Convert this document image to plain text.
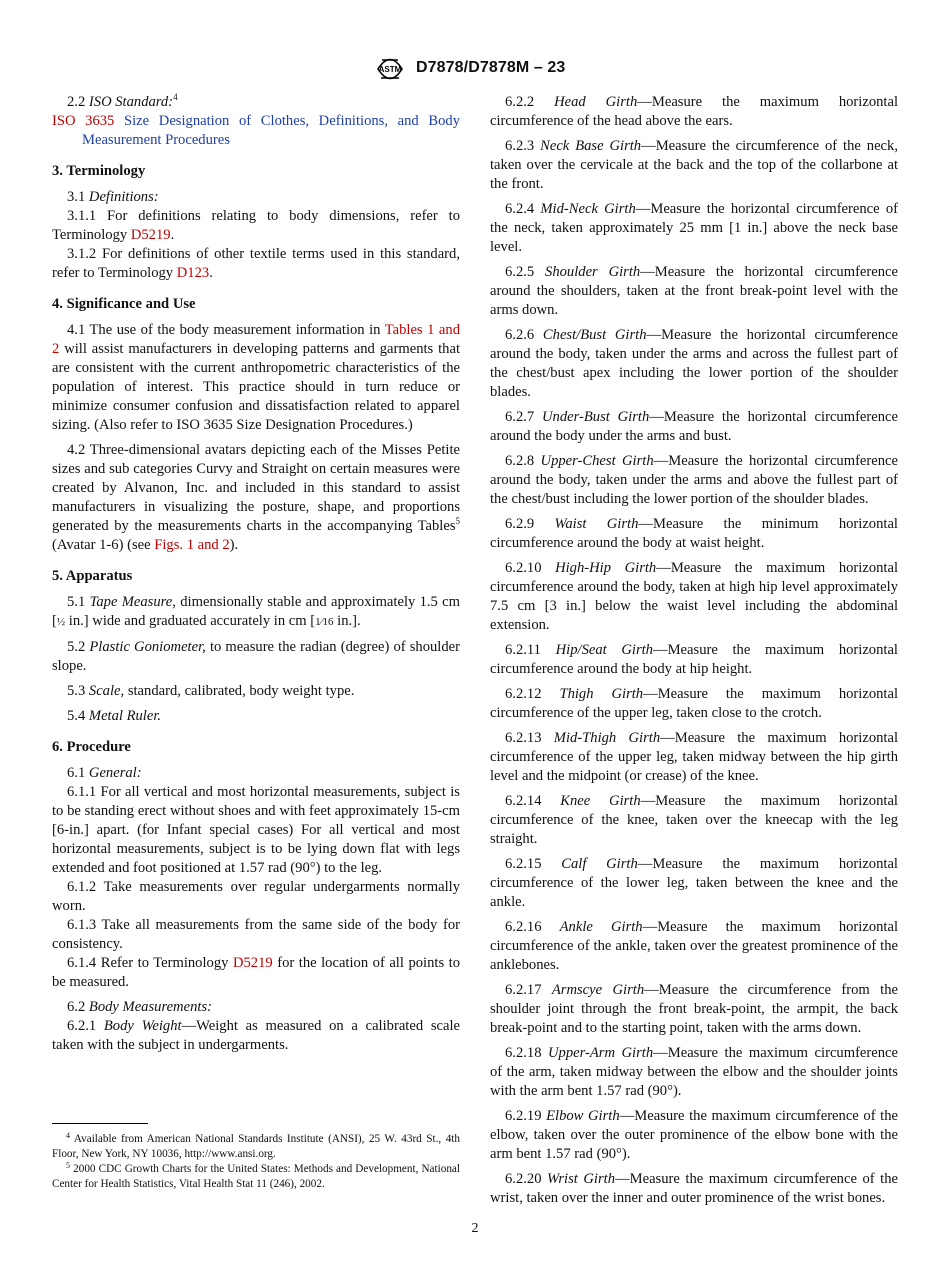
ASTM D7878/D7878M – 23

2.2 ISO Standard:$^4$

ISO 3635 Size Designation of Clothes, Definitions, and Body Measurement Procedures

3. Terminology

3.1 Definitions:

3.1.1 For definitions relating to body dimensions, refer to Terminology D5219.

3.1.2 For definitions of other textile terms used in this standard, refer to Terminology D123.

4. Significance and Use

4.1 The use of the body measurement information in Tables 1 and 2 will assist manufacturers in developing patterns and garments that are consistent with the current anthropometric characteristics of the population of interest. This practice should in turn reduce or minimize consumer confusion and dissatisfaction related to apparel sizing. (Also refer to ISO 3635 Size Designation Procedures.)

4.2 Three-dimensional avatars depicting each of the Misses Petite sizes and sub categories Curvy and Straight on certain measures were created by Alvanon, Inc. and included in this standard to assist manufacturers in visualizing the posture, shape, and proportions generated by the measurements charts in the accompanying Tables$^5$ (Avatar 1-6) (see Figs. 1 and 2).

5. Apparatus

5.1 Tape Measure, dimensionally stable and approximately 1.5 cm [½ in.] wide and graduated accurately in cm [1⁄16 in.].

5.2 Plastic Goniometer, to measure the radian (degree) of shoulder slope.

5.3 Scale, standard, calibrated, body weight type.

5.4 Metal Ruler.

6. Procedure

6.1 General:

6.1.1 For all vertical and most horizontal measurements, subject is to be standing erect without shoes and with feet approximately 15-cm [6-in.] apart. (for Infant special cases) For all vertical and most horizontal measurements, subject is to be lying down flat with legs extended and foot positioned at 1.57 rad (90°) to the leg.

6.1.2 Take measurements over regular undergarments normally worn.

6.1.3 Take all measurements from the same side of the body for consistency.

6.1.4 Refer to Terminology D5219 for the location of all points to be measured.

6.2 Body Measurements:

6.2.1 Body Weight—Weight as measured on a calibrated scale taken with the subject in undergarments.

$^4$ Available from American National Standards Institute (ANSI), 25 W. 43rd St., 4th Floor, New York, NY 10036, http://www.ansi.org.

$^5$ 2000 CDC Growth Charts for the United States: Methods and Development, National Center for Health Statistics, Vital Health Stat 11 (246), 2002.

6.2.2 Head Girth—Measure the maximum horizontal circumference of the head above the ears.

6.2.3 Neck Base Girth—Measure the circumference of the neck, taken over the cervicale at the back and the top of the collarbone at the front.

6.2.4 Mid-Neck Girth—Measure the horizontal circumference of the neck, taken approximately 25 mm [1 in.] above the neck base level.

6.2.5 Shoulder Girth—Measure the horizontal circumference around the shoulders, taken at the front break-point level with the arms down.

6.2.6 Chest/Bust Girth—Measure the horizontal circumference around the body, taken under the arms and across the fullest part of the chest/bust apex including the lower portion of the shoulder blades.

6.2.7 Under-Bust Girth—Measure the horizontal circumference around the body under the arms and bust.

6.2.8 Upper-Chest Girth—Measure the horizontal circumference around the body, taken under the arms and above the fullest part of the chest/bust including the lower portion of the shoulder blades.

6.2.9 Waist Girth—Measure the minimum horizontal circumference around the body at waist height.

6.2.10 High-Hip Girth—Measure the maximum horizontal circumference around the body, taken at high hip level approximately 7.5 cm [3 in.] below the waist level including the abdominal extension.

6.2.11 Hip/Seat Girth—Measure the maximum horizontal circumference around the body at hip height.

6.2.12 Thigh Girth—Measure the maximum horizontal circumference of the upper leg, taken close to the crotch.

6.2.13 Mid-Thigh Girth—Measure the maximum horizontal circumference of the upper leg, taken midway between the hip girth level and the midpoint (or crease) of the knee.

6.2.14 Knee Girth—Measure the maximum horizontal circumference of the knee, taken over the kneecap with the leg straight.

6.2.15 Calf Girth—Measure the maximum horizontal circumference of the lower leg, taken between the knee and the ankle.

6.2.16 Ankle Girth—Measure the maximum horizontal circumference of the ankle, taken over the greatest prominence of the anklebones.

6.2.17 Armscye Girth—Measure the circumference from the shoulder joint through the front break-point, the armpit, the back break-point and to the starting point, taken with the arms down.

6.2.18 Upper-Arm Girth—Measure the maximum circumference of the arm, taken midway between the elbow and the shoulder joints with the arm bent 1.57 rad (90°).

6.2.19 Elbow Girth—Measure the maximum circumference of the elbow, taken over the outer prominence of the elbow bone with the arm bent 1.57 rad (90°).

6.2.20 Wrist Girth—Measure the maximum circumference of the wrist, taken over the inner and outer prominence of the wrist bones.

2
